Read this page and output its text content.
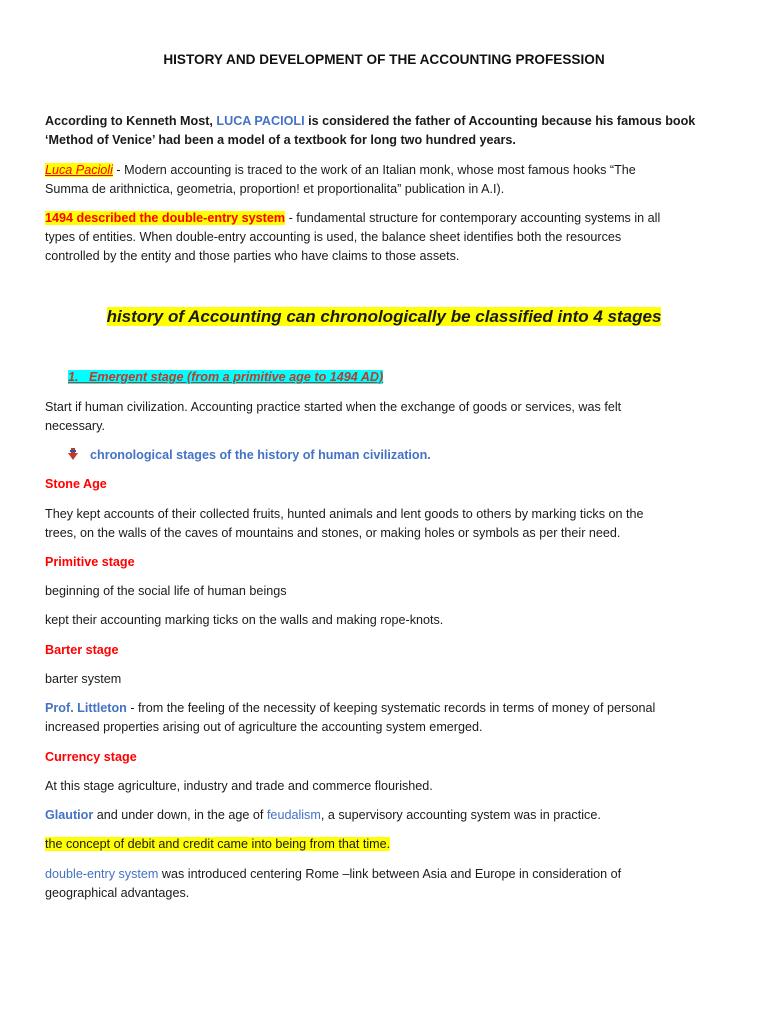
HISTORY AND DEVELOPMENT OF THE ACCOUNTING PROFESSION
According to Kenneth Most, LUCA PACIOLI is considered the father of Accounting because his famous book
‘Method of Venice’ had been a model of a textbook for long two hundred years.
Luca Pacioli - Modern accounting is traced to the work of an Italian monk, whose most famous hooks “The
Summa de arithnictica, geometria, proportion! et proportionalita” publication in A.I).
1494 described the double-entry system - fundamental structure for contemporary accounting systems in all
types of entities. When double-entry accounting is used, the balance sheet identifies both the resources
controlled by the entity and those parties who have claims to those assets.
history of Accounting can chronologically be classified into 4 stages
1. Emergent stage (from a primitive age to 1494 AD)
Start if human civilization. Accounting practice started when the exchange of goods or services, was felt
necessary.
chronological stages of the history of human civilization.
Stone Age
They kept accounts of their collected fruits, hunted animals and lent goods to others by marking ticks on the
trees, on the walls of the caves of mountains and stones, or making holes or symbols as per their need.
Primitive stage
beginning of the social life of human beings
kept their accounting marking ticks on the walls and making rope-knots.
Barter stage
barter system
Prof. Littleton - from the feeling of the necessity of keeping systematic records in terms of money of personal
increased properties arising out of agriculture the accounting system emerged.
Currency stage
At this stage agriculture, industry and trade and commerce flourished.
Glautior and under down, in the age of feudalism, a supervisory accounting system was in practice.
the concept of debit and credit came into being from that time.
double-entry system was introduced centering Rome –link between Asia and Europe in consideration of
geographical advantages.
